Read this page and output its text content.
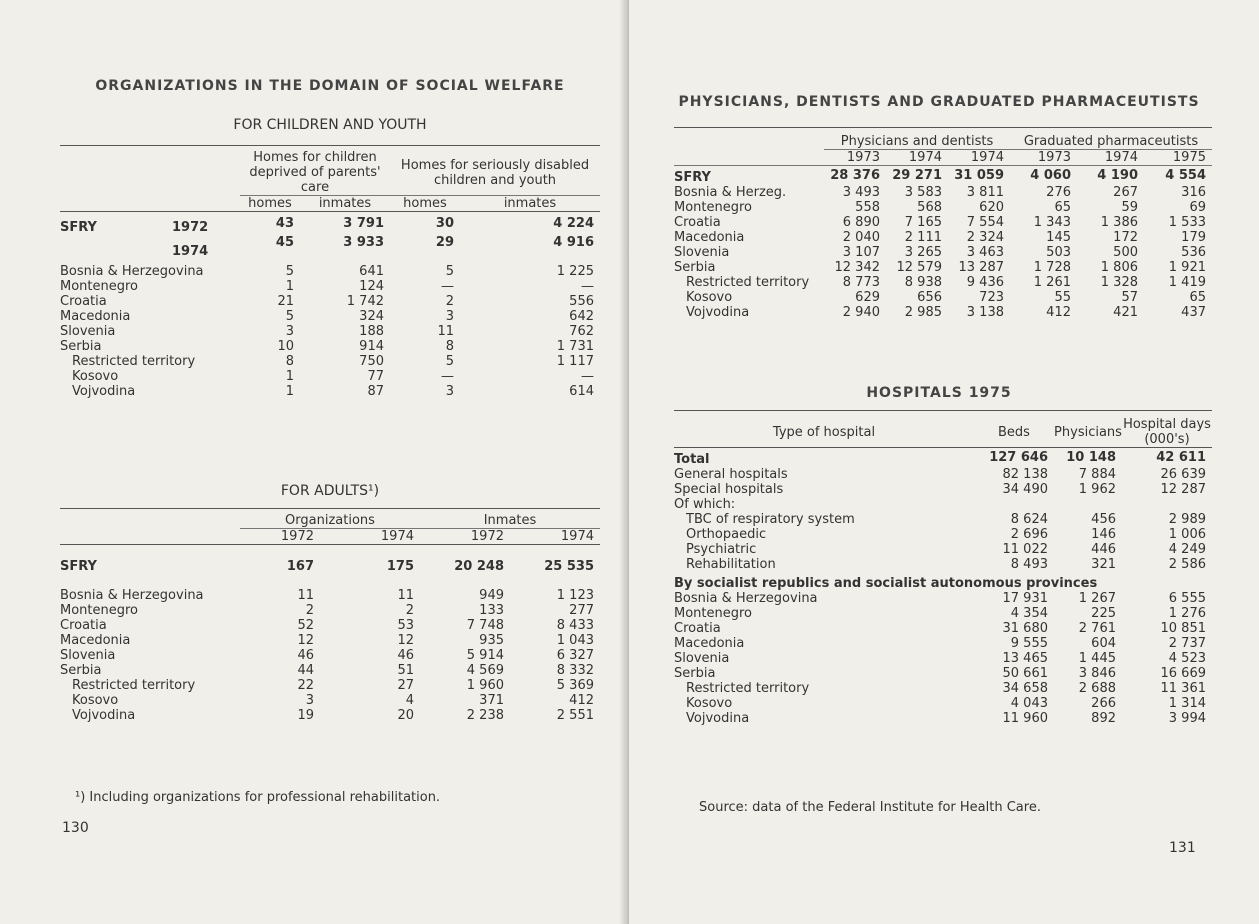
ORGANIZATIONS IN THE DOMAIN OF SOCIAL WELFARE
FOR CHILDREN AND YOUTH
	Homes for children deprived of parents' care		Homes for seriously disabled children and youth	
	homes	inmates	homes	inmates
SFRY 1972	43	3 791	30	4 224

1974	45	3 933	29	4 916

Bosnia & Herzegovina	5	641	5	1 225
Montenegro	1	124	—	—
Croatia	21	1 742	2	556
Macedonia	5	324	3	642
Slovenia	3	188	11	762
Serbia	10	914	8	1 731
Restricted territory	8	750	5	1 117
Kosovo	1	77	—	—
Vojvodina	1	87	3	614
FOR ADULTS¹)
	Organizations		Inmates	
	1972	1974	1972	1974
SFRY	167	175	20 248	25 535
Bosnia & Herzegovina	11	11	949	1 123
Montenegro	2	2	133	277
Croatia	52	53	7 748	8 433
Macedonia	12	12	935	1 043
Slovenia	46	46	5 914	6 327
Serbia	44	51	4 569	8 332
Restricted territory	22	27	1 960	5 369
Kosovo	3	4	371	412
Vojvodina	19	20	2 238	2 551
¹) Including organizations for professional rehabilitation.
130
PHYSICIANS, DENTISTS AND GRADUATED PHARMACEUTISTS
	Physicians and dentists			Graduated pharmaceutists		
	1973	1974	1974	1973	1974	1975
SFRY	28 376	29 271	31 059	4 060	4 190	4 554
Bosnia & Herzeg.	3 493	3 583	3 811	276	267	316
Montenegro	558	568	620	65	59	69
Croatia	6 890	7 165	7 554	1 343	1 386	1 533
Macedonia	2 040	2 111	2 324	145	172	179
Slovenia	3 107	3 265	3 463	503	500	536
Serbia	12 342	12 579	13 287	1 728	1 806	1 921
Restricted territory	8 773	8 938	9 436	1 261	1 328	1 419
Kosovo	629	656	723	55	57	65
Vojvodina	2 940	2 985	3 138	412	421	437
HOSPITALS 1975
Type of hospital	Beds	Physicians	Hospital days (000's)
Total	127 646	10 148	42 611
General hospitals	82 138	7 884	26 639
Special hospitals	34 490	1 962	12 287
Of which:			
TBC of respiratory system	8 624	456	2 989
Orthopaedic	2 696	146	1 006
Psychiatric	11 022	446	4 249
Rehabilitation	8 493	321	2 586
By socialist republics and socialist autonomous provinces			
Bosnia & Herzegovina	17 931	1 267	6 555
Montenegro	4 354	225	1 276
Croatia	31 680	2 761	10 851
Macedonia	9 555	604	2 737
Slovenia	13 465	1 445	4 523
Serbia	50 661	3 846	16 669
Restricted territory	34 658	2 688	11 361
Kosovo	4 043	266	1 314
Vojvodina	11 960	892	3 994
Source: data of the Federal Institute for Health Care.
131
